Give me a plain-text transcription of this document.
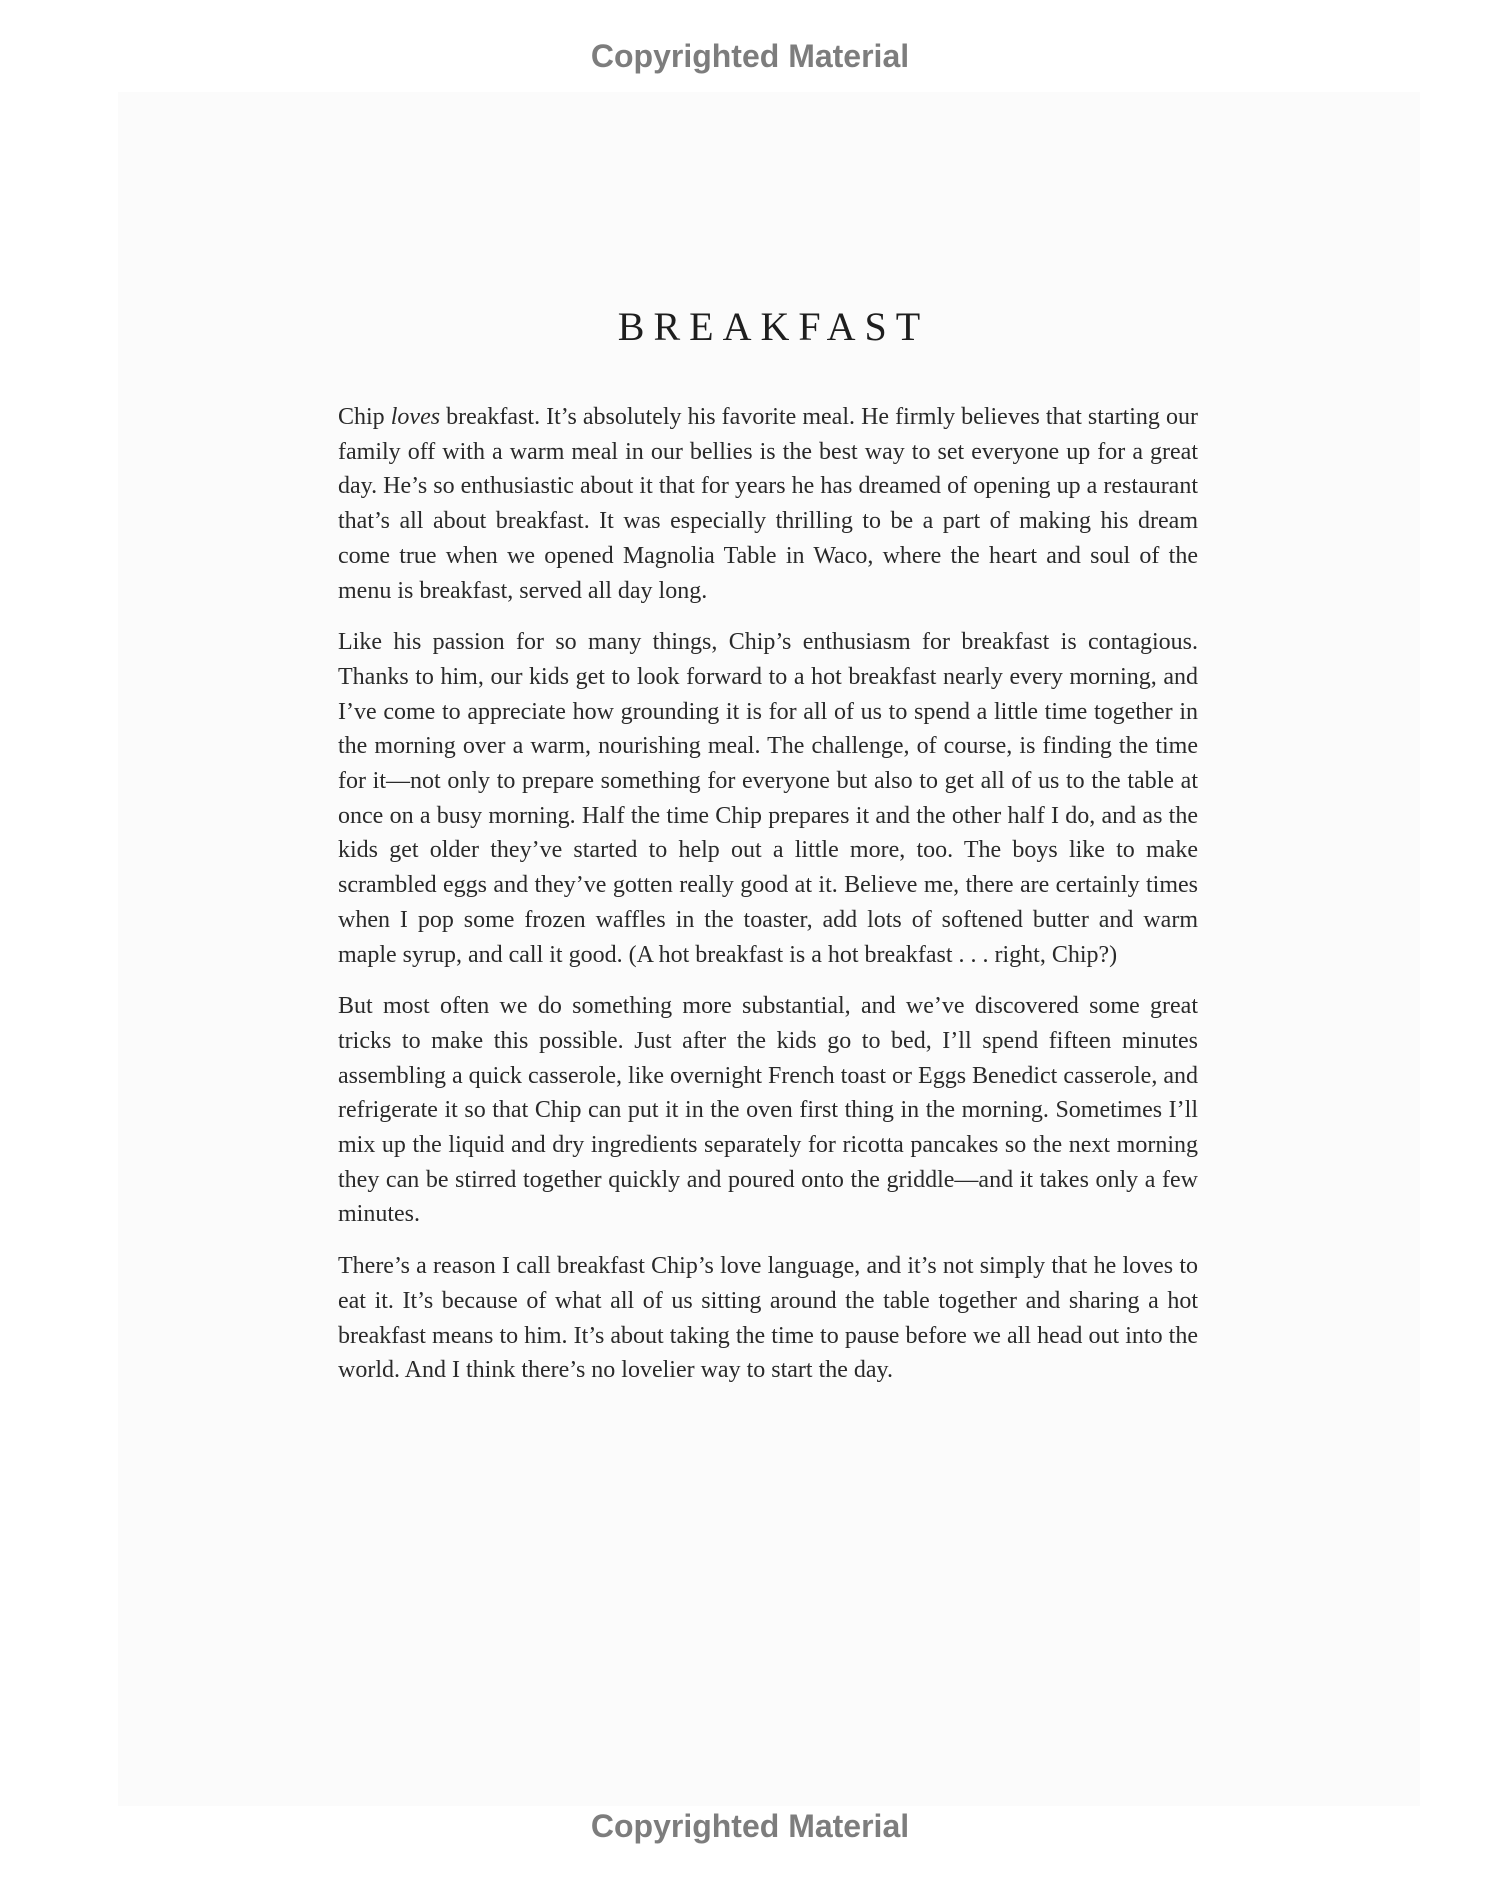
Copyrighted Material
BREAKFAST

Chip loves breakfast. It’s absolutely his favorite meal. He firmly believes that starting our family off with a warm meal in our bellies is the best way to set everyone up for a great day. He’s so enthusiastic about it that for years he has dreamed of opening up a restaurant that’s all about breakfast. It was especially thrilling to be a part of making his dream come true when we opened Magnolia Table in Waco, where the heart and soul of the menu is breakfast, served all day long.

Like his passion for so many things, Chip’s enthusiasm for breakfast is contagious. Thanks to him, our kids get to look forward to a hot breakfast nearly every morning, and I’ve come to appreciate how grounding it is for all of us to spend a little time together in the morning over a warm, nourishing meal. The challenge, of course, is finding the time for it—not only to prepare something for everyone but also to get all of us to the table at once on a busy morning. Half the time Chip prepares it and the other half I do, and as the kids get older they’ve started to help out a little more, too. The boys like to make scrambled eggs and they’ve gotten really good at it. Believe me, there are certainly times when I pop some frozen waffles in the toaster, add lots of softened butter and warm maple syrup, and call it good. (A hot breakfast is a hot breakfast . . . right, Chip?)

But most often we do something more substantial, and we’ve discovered some great tricks to make this possible. Just after the kids go to bed, I’ll spend fifteen minutes assembling a quick casserole, like overnight French toast or Eggs Benedict casserole, and refrigerate it so that Chip can put it in the oven first thing in the morning. Sometimes I’ll mix up the liquid and dry ingredients separately for ricotta pancakes so the next morning they can be stirred together quickly and poured onto the griddle—and it takes only a few minutes.

There’s a reason I call breakfast Chip’s love language, and it’s not simply that he loves to eat it. It’s because of what all of us sitting around the table together and sharing a hot breakfast means to him. It’s about taking the time to pause before we all head out into the world. And I think there’s no lovelier way to start the day.

Copyrighted Material
